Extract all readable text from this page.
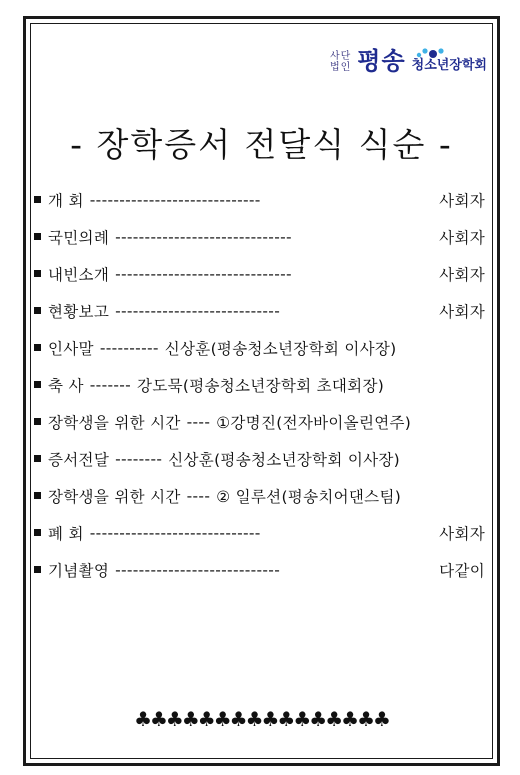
사단
법인 평송 청소년장학회
- 장학증서 전달식 식순 -
개 회 -----------------------------	사회자
국민의례 ------------------------------	사회자
내빈소개 ------------------------------	사회자
현황보고 ----------------------------	사회자
인사말 ---------- 신상훈(평송청소년장학회 이사장)
축 사 ------- 강도묵(평송청소년장학회 초대회장)
장학생을 위한 시간 ---- ①강명진(전자바이올린연주)
증서전달 -------- 신상훈(평송청소년장학회 이사장)
장학생을 위한 시간 ---- ② 일루션(평송치어댄스팀)
폐 회 -----------------------------	사회자
기념촬영 ----------------------------	다같이
♣♣♣♣♣♣♣♣♣♣♣♣♣♣♣♣
